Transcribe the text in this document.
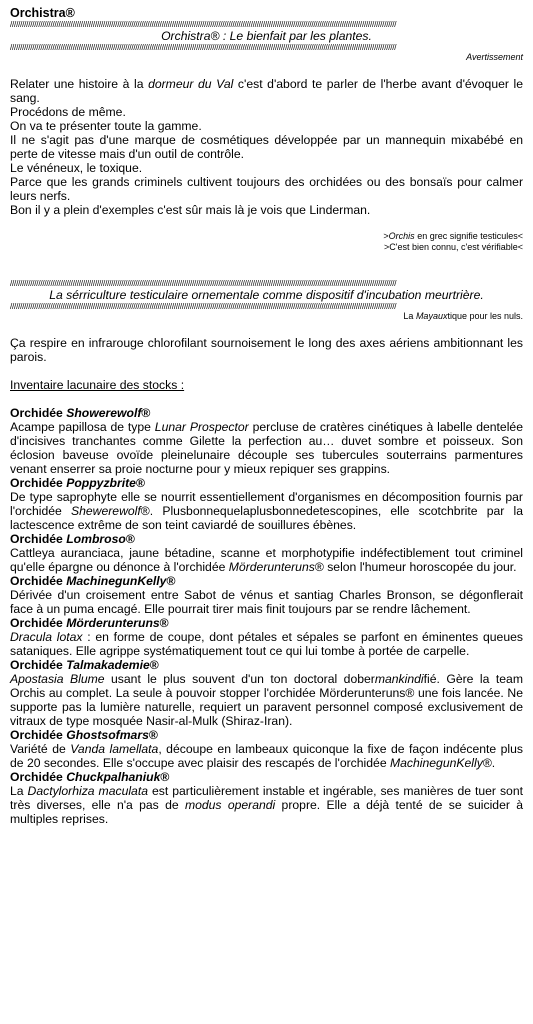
Orchistra®
///////////////////////////////////////////////////////////////////////////////////////////////////////////////////////////////////////////////////////////////////////////////////////////////
Orchistra® : Le bienfait par les plantes.
///////////////////////////////////////////////////////////////////////////////////////////////////////////////////////////////////////////////////////////////////////////////////////////////
Avertissement

Relater une histoire à la dormeur du Val c'est d'abord te parler de l'herbe avant d'évoquer le sang.

Procédons de même.

On va te présenter toute la gamme.

Il ne s'agit pas d'une marque de cosmétiques développée par un mannequin mixabébé en perte de vitesse mais d'un outil de contrôle.

Le vénéneux, le toxique.

Parce que les grands criminels cultivent toujours des orchidées ou des bonsaïs pour calmer leurs nerfs.

Bon il y a plein d'exemples c'est sûr mais là je vois que Linderman.

>Orchis en grec signifie testicules<
>C'est bien connu, c'est vérifiable<
///////////////////////////////////////////////////////////////////////////////////////////////////////////////////////////////////////////////////////////////////////////////////////////////
La sérriculture testiculaire ornementale comme dispositif d'incubation meurtrière.
///////////////////////////////////////////////////////////////////////////////////////////////////////////////////////////////////////////////////////////////////////////////////////////////
La Mayauxtique pour les nuls.

Ça respire en infrarouge chlorofilant sournoisement le long des axes aériens ambitionnant les parois.

Inventaire lacunaire des stocks :

Orchidée Showerewolf®

Acampe papillosa de type Lunar Prospector percluse de cratères cinétiques à labelle dentelée d'incisives tranchantes comme Gilette la perfection au… duvet sombre et poisseux. Son éclosion baveuse ovoïde pleinelunaire découple ses tubercules souterrains parmentures venant enserrer sa proie nocturne pour y mieux repiquer ses grappins.

Orchidée Poppyzbrite®

De type saprophyte elle se nourrit essentiellement d'organismes en décomposition fournis par l'orchidée Shewerewolf®. Plusbonnequelaplusbonnedetescopines, elle scotchbrite par la lactescence extrême de son teint caviardé de souillures ébènes.

Orchidée Lombroso®

Cattleya auranciaca, jaune bétadine, scanne et morphotypifie indéfectiblement tout criminel qu'elle épargne ou dénonce à l'orchidée Mörderunteruns® selon l'humeur horoscopée du jour.

Orchidée MachinegunKelly®

Dérivée d'un croisement entre Sabot de vénus et santiag Charles Bronson, se dégonflerait face à un puma encagé. Elle pourrait tirer mais finit toujours par se rendre lâchement.

Orchidée Mörderunteruns®

Dracula lotax : en forme de coupe, dont pétales et sépales se parfont en éminentes queues sataniques. Elle agrippe systématiquement tout ce qui lui tombe à portée de carpelle.

Orchidée Talmakademie®

Apostasia Blume usant le plus souvent d'un ton doctoral dobermankindifié. Gère la team Orchis au complet. La seule à pouvoir stopper l'orchidée Mörderunteruns® une fois lancée. Ne supporte pas la lumière naturelle, requiert un paravent personnel composé exclusivement de vitraux de type mosquée Nasir-al-Mulk (Shiraz-Iran).

Orchidée Ghostsofmars®

Variété de Vanda lamellata, découpe en lambeaux quiconque la fixe de façon indécente plus de 20 secondes. Elle s'occupe avec plaisir des rescapés de l'orchidée MachinegunKelly®.

Orchidée Chuckpalhaniuk®

La Dactylorhiza maculata est particulièrement instable et ingérable, ses manières de tuer sont très diverses, elle n'a pas de modus operandi propre. Elle a déjà tenté de se suicider à multiples reprises.
